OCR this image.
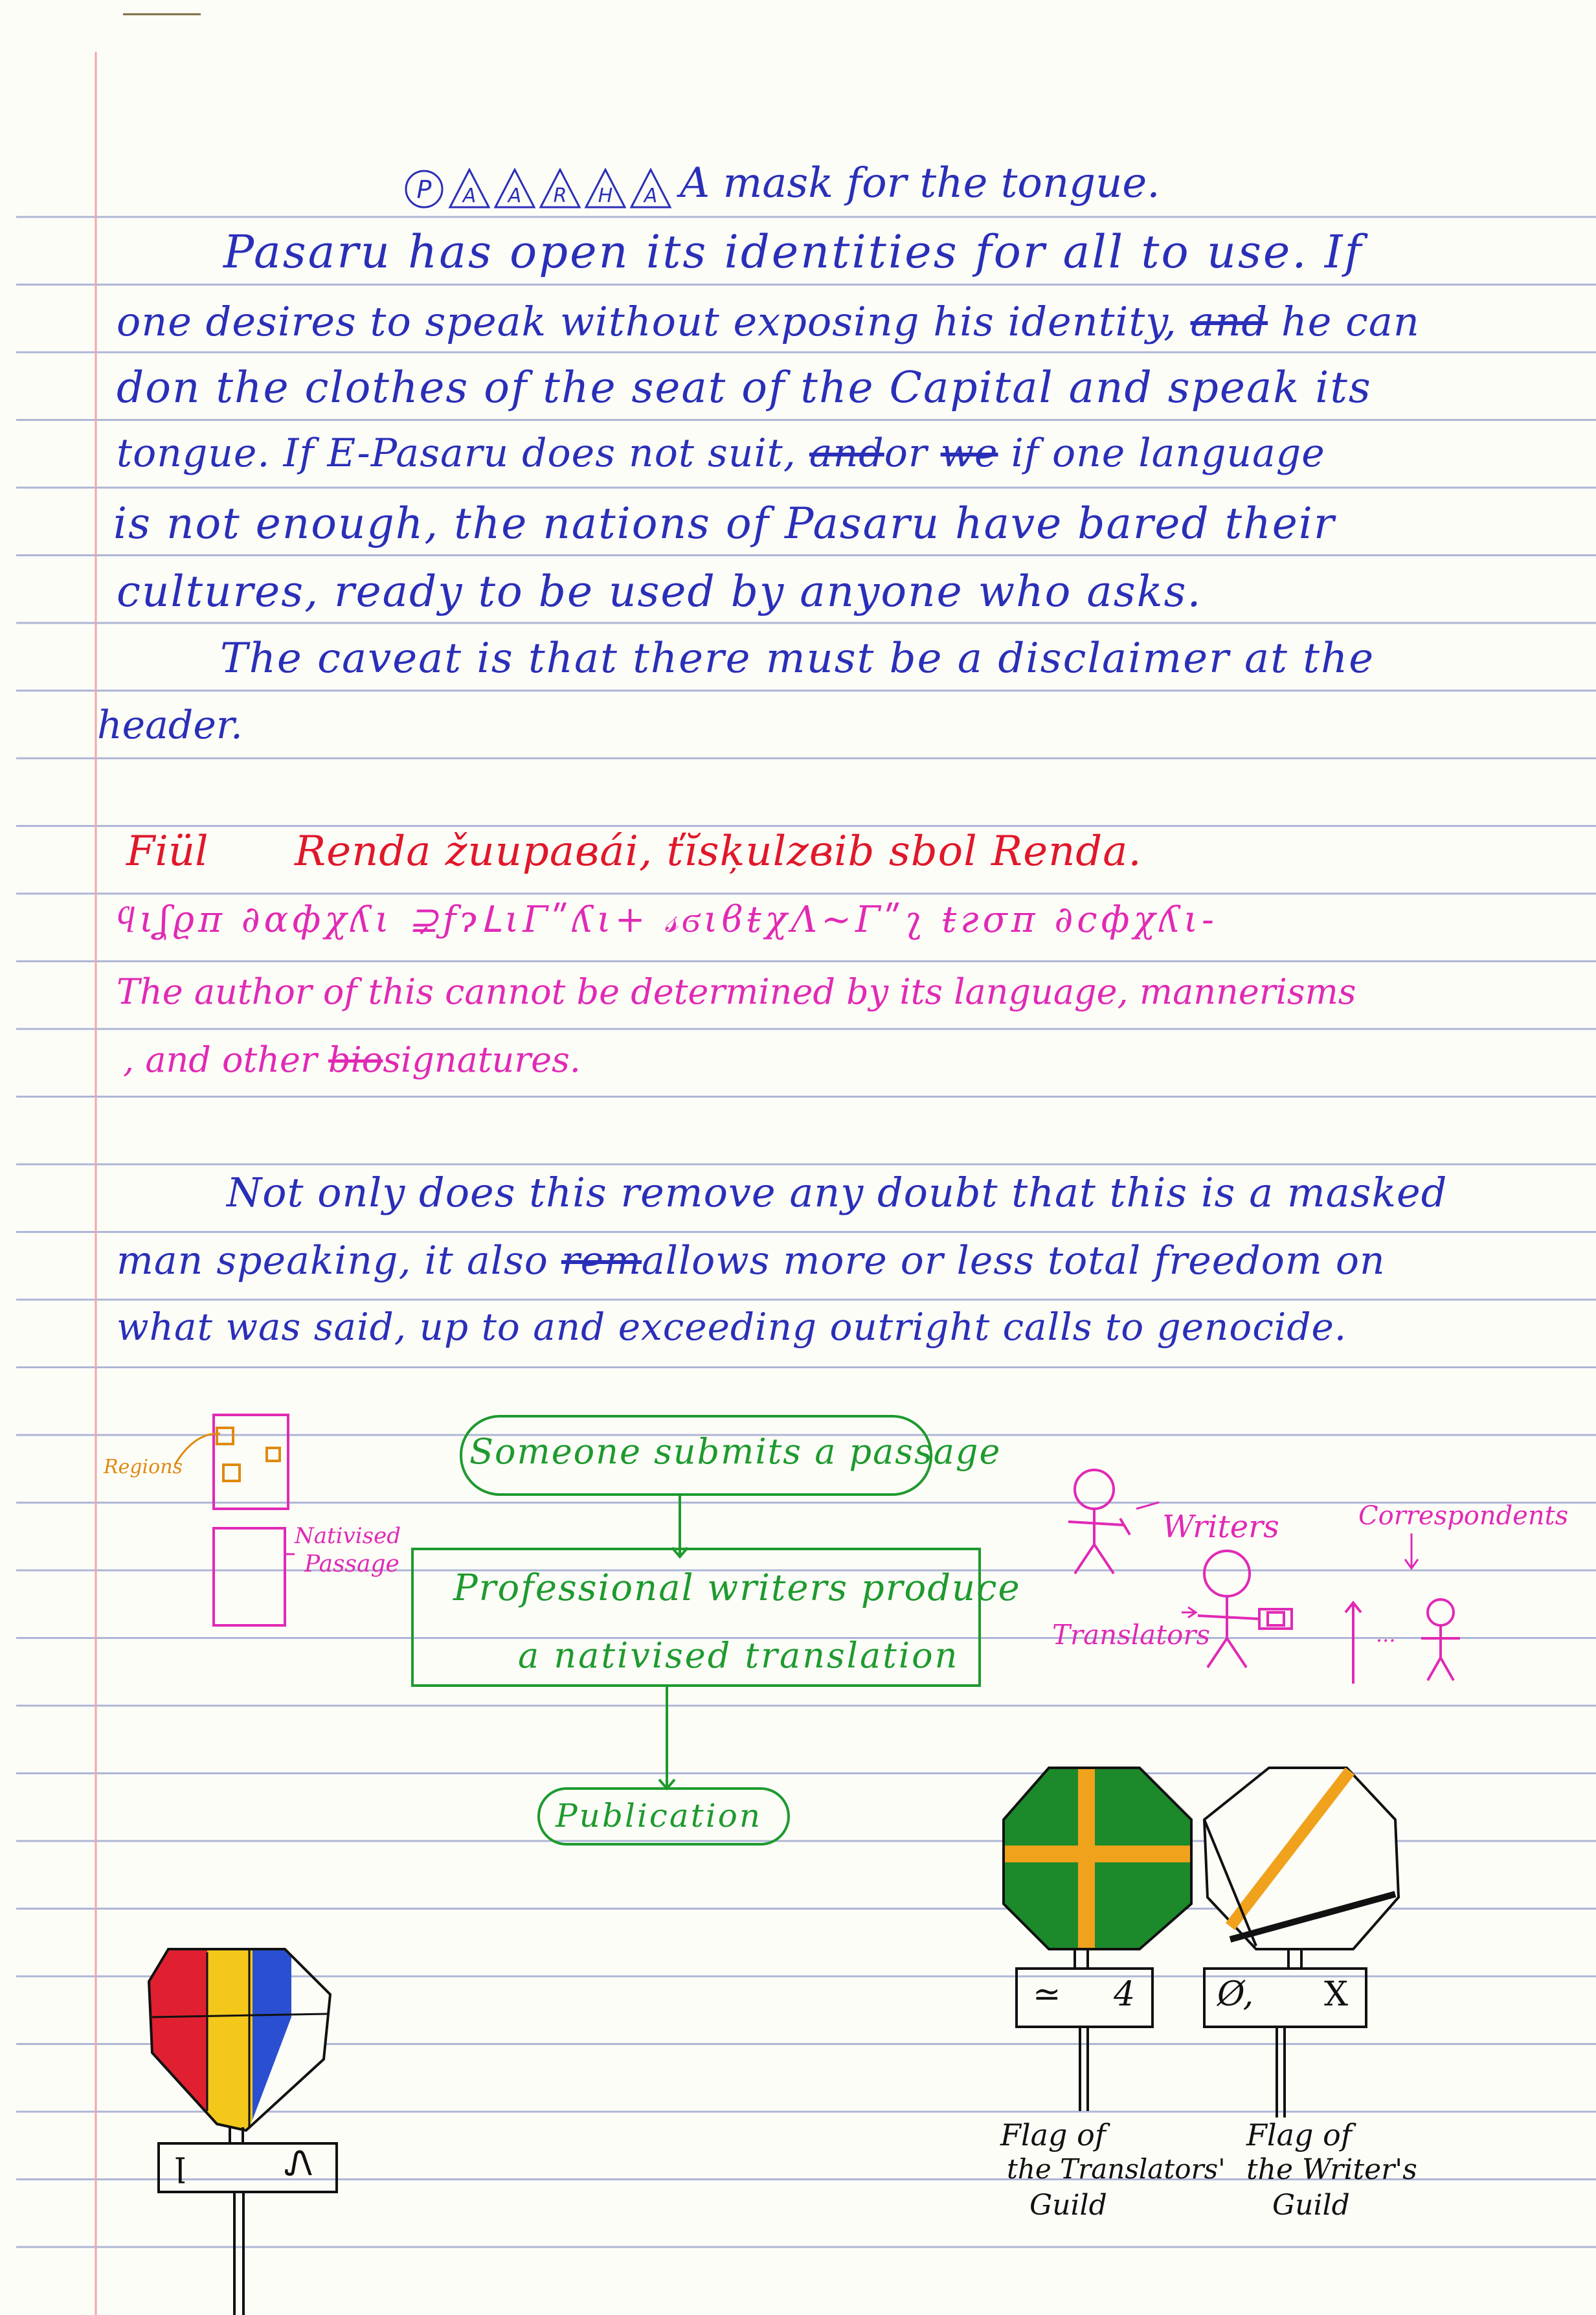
P A A R H A A mask for the tongue.
Pasaru has open its identities for all to use. If
one desires to speak without exposing his identity, and he can
don the clothes of the seat of the Capital and speak its
tongue. If E-Pasaru does not suit, andor we if one language
is not enough, the nations of Pasaru have bared their
cultures, ready to be used by anyone who asks.
The caveat is that there must be a disclaimer at the
header.
Fiül Renda žuupaвái, ťĭsķulzвib sbol Renda.
ϥιʆϱπ ∂ɑфχʎι ⊋ƒɂᒪιΓʺʎι+ 𝓈ϭιϐŧχɅ∼Γʺʅ ŧгσπ ∂ϲфχʎι-
The author of this cannot be determined by its language, mannerisms
, and other biosignatures.
Not only does this remove any doubt that this is a masked
man speaking, it also remallows more or less total freedom on
what was said, up to and exceeding outright calls to genocide.
Someone submits a passage
Professional writers produce
a nativised translation
Publication
Regions
Nativised
Passage
Writers	Correspondents
Translators	...
ꞁ	Ꮑ
≃ 4 Ø, X
Flag of
the Translators'
Guild
Flag of
the Writer's
Guild
